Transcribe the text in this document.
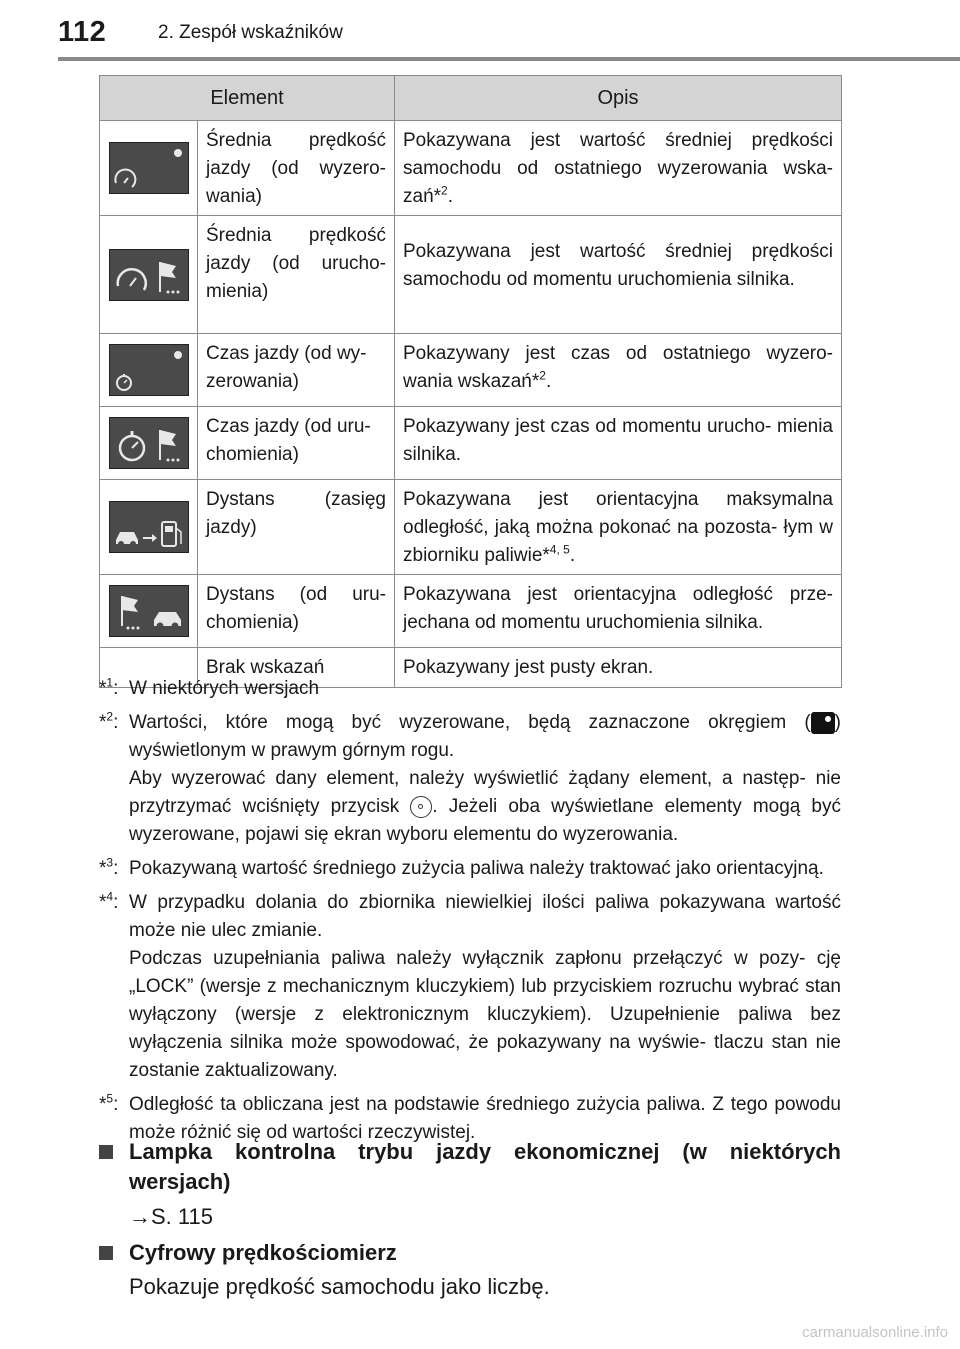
112	2. Zespół wskaźników
Element		Opis

	Średnia prędkość jazdy (od wyzero- wania)	Pokazywana jest wartość średniej prędkości samochodu od ostatniego wyzerowania wska- zań*$^2$.

	Średnia prędkość jazdy (od urucho- mienia)	Pokazywana jest wartość średniej prędkości samochodu od momentu uruchomienia silnika.

	Czas jazdy (od wy- zerowania)	Pokazywany jest czas od ostatniego wyzero- wania wskazań*$^2$.

	Czas jazdy (od uru- chomienia)	Pokazywany jest czas od momentu urucho- mienia silnika.

	Dystans (zasięg jazdy)	Pokazywana jest orientacyjna maksymalna odległość, jaką można pokonać na pozosta- łym w zbiorniku paliwie*$^{4, 5}$.

	Dystans (od uru- chomienia)	Pokazywana jest orientacyjna odległość prze- jechana od momentu uruchomienia silnika.
	Brak wskazań	Pokazywany jest pusty ekran.
*$^1$: W niektórych wersjach
*$^2$: Wartości, które mogą być wyzerowane, będą zaznaczone okręgiem ( ) wyświetlonym w prawym górnym rogu.
Aby wyzerować dany element, należy wyświetlić żądany element, a następ- nie przytrzymać wciśnięty przycisk . Jeżeli oba wyświetlane elementy mogą być wyzerowane, pojawi się ekran wyboru elementu do wyzerowania.
*$^3$: Pokazywaną wartość średniego zużycia paliwa należy traktować jako orientacyjną.
*$^4$: W przypadku dolania do zbiornika niewielkiej ilości paliwa pokazywana wartość może nie ulec zmianie.
Podczas uzupełniania paliwa należy wyłącznik zapłonu przełączyć w pozy- cję „LOCK” (wersje z mechanicznym kluczykiem) lub przyciskiem rozruchu wybrać stan wyłączony (wersje z elektronicznym kluczykiem). Uzupełnienie paliwa bez wyłączenia silnika może spowodować, że pokazywany na wyświe- tlaczu stan nie zostanie zaktualizowany.
*$^5$: Odległość ta obliczana jest na podstawie średniego zużycia paliwa. Z tego powodu może różnić się od wartości rzeczywistej.
Lampka kontrolna trybu jazdy ekonomicznej (w niektórych wersjach)
→S. 115
Cyfrowy prędkościomierz
Pokazuje prędkość samochodu jako liczbę.
carmanualsonline.info
